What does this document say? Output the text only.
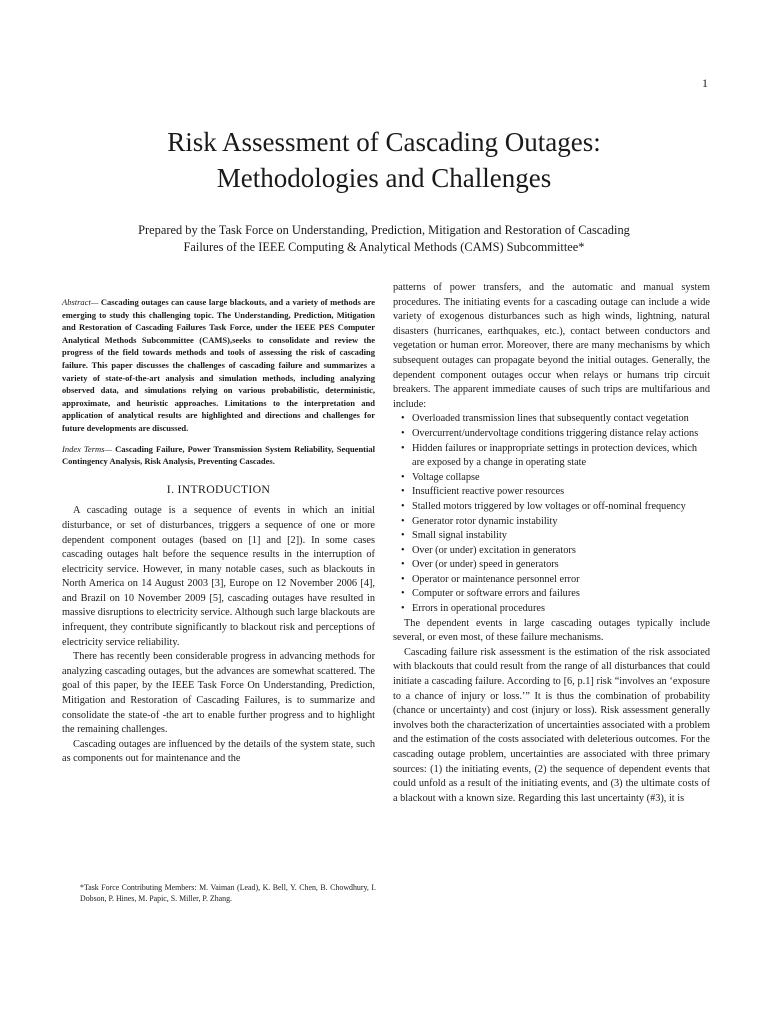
1
Risk Assessment of Cascading Outages:
Methodologies and Challenges
Prepared by the Task Force on Understanding, Prediction, Mitigation and Restoration of Cascading
Failures of the IEEE Computing & Analytical Methods (CAMS) Subcommittee*

Abstract— Cascading outages can cause large blackouts, and a variety of methods are emerging to study this challenging topic. The Understanding, Prediction, Mitigation and Restoration of Cascading Failures Task Force, under the IEEE PES Computer Analytical Methods Subcommittee (CAMS),seeks to consolidate and review the progress of the field towards methods and tools of assessing the risk of cascading failure. This paper discusses the challenges of cascading failure and summarizes a variety of state-of-the-art analysis and simulation methods, including analyzing observed data, and simulations relying on various probabilistic, deterministic, approximate, and heuristic approaches. Limitations to the interpretation and application of analytical results are highlighted and directions and challenges for future developments are discussed.

Index Terms— Cascading Failure, Power Transmission System Reliability, Sequential Contingency Analysis, Risk Analysis, Preventing Cascades.

I. INTRODUCTION

A cascading outage is a sequence of events in which an initial disturbance, or set of disturbances, triggers a sequence of one or more dependent component outages (based on [1] and [2]). In some cases cascading outages halt before the sequence results in the interruption of electricity service. However, in many notable cases, such as blackouts in North America on 14 August 2003 [3], Europe on 12 November 2006 [4], and Brazil on 10 November 2009 [5], cascading outages have resulted in massive disruptions to electricity service. Although such large blackouts are infrequent, they contribute significantly to blackout risk and perceptions of electricity service reliability.

There has recently been considerable progress in advancing methods for analyzing cascading outages, but the advances are somewhat scattered. The goal of this paper, by the IEEE Task Force On Understanding, Prediction, Mitigation and Restoration of Cascading Failures, is to summarize and consolidate the state-of -the art to enable further progress and to highlight the remaining challenges.

Cascading outages are influenced by the details of the system state, such as components out for maintenance and the

*Task Force Contributing Members: M. Vaiman (Lead), K. Bell, Y. Chen, B. Chowdhury, I. Dobson, P. Hines, M. Papic, S. Miller, P. Zhang.

patterns of power transfers, and the automatic and manual system procedures. The initiating events for a cascading outage can include a wide variety of exogenous disturbances such as high winds, lightning, natural disasters (hurricanes, earthquakes, etc.), contact between conductors and vegetation or human error. Moreover, there are many mechanisms by which subsequent outages can propagate beyond the initial outages. Generally, the dependent component outages occur when relays or humans trip circuit breakers. The apparent immediate causes of such trips are multifarious and include:

• Overloaded transmission lines that subsequently contact vegetation
• Overcurrent/undervoltage conditions triggering distance relay actions
• Hidden failures or inappropriate settings in protection devices, which are exposed by a change in operating state
• Voltage collapse
• Insufficient reactive power resources
• Stalled motors triggered by low voltages or off-nominal frequency
• Generator rotor dynamic instability
• Small signal instability
• Over (or under) excitation in generators
• Over (or under) speed in generators
• Operator or maintenance personnel error
• Computer or software errors and failures
• Errors in operational procedures

The dependent events in large cascading outages typically include several, or even most, of these failure mechanisms.

Cascading failure risk assessment is the estimation of the risk associated with blackouts that could result from the range of all disturbances that could initiate a cascading failure. According to [6, p.1] risk “involves an ‘exposure to a chance of injury or loss.’” It is thus the combination of probability (chance or uncertainty) and cost (injury or loss). Risk assessment generally involves both the characterization of uncertainties associated with a problem and the estimation of the costs associated with deleterious outcomes. For the cascading outage problem, uncertainties are associated with three primary sources: (1) the initiating events, (2) the sequence of dependent events that could unfold as a result of the initiating events, and (3) the ultimate costs of a blackout with a known size. Regarding this last uncertainty (#3), it is
